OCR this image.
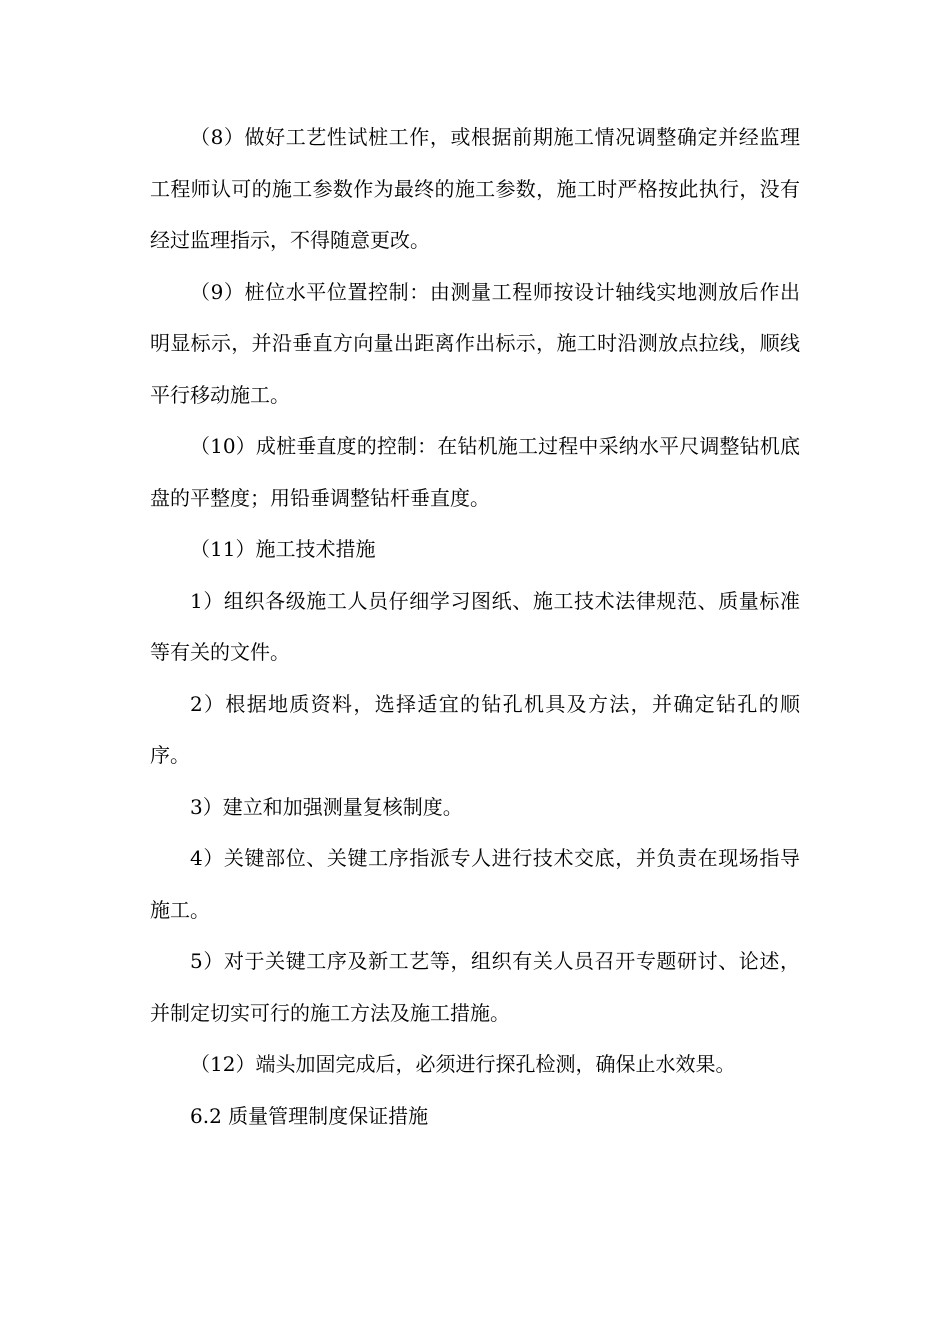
（8）做好工艺性试桩工作，或根据前期施工情况调整确定并经监理工程师认可的施工参数作为最终的施工参数，施工时严格按此执行，没有经过监理指示，不得随意更改。

（9）桩位水平位置控制：由测量工程师按设计轴线实地测放后作出明显标示，并沿垂直方向量出距离作出标示，施工时沿测放点拉线，顺线平行移动施工。

（10）成桩垂直度的控制：在钻机施工过程中采纳水平尺调整钻机底盘的平整度；用铅垂调整钻杆垂直度。

（11）施工技术措施

1）组织各级施工人员仔细学习图纸、施工技术法律规范、质量标准等有关的文件。

2）根据地质资料，选择适宜的钻孔机具及方法，并确定钻孔的顺序。

3）建立和加强测量复核制度。

4）关键部位、关键工序指派专人进行技术交底，并负责在现场指导施工。

5）对于关键工序及新工艺等，组织有关人员召开专题研讨、论述，并制定切实可行的施工方法及施工措施。

（12）端头加固完成后，必须进行探孔检测，确保止水效果。

6.2 质量管理制度保证措施
